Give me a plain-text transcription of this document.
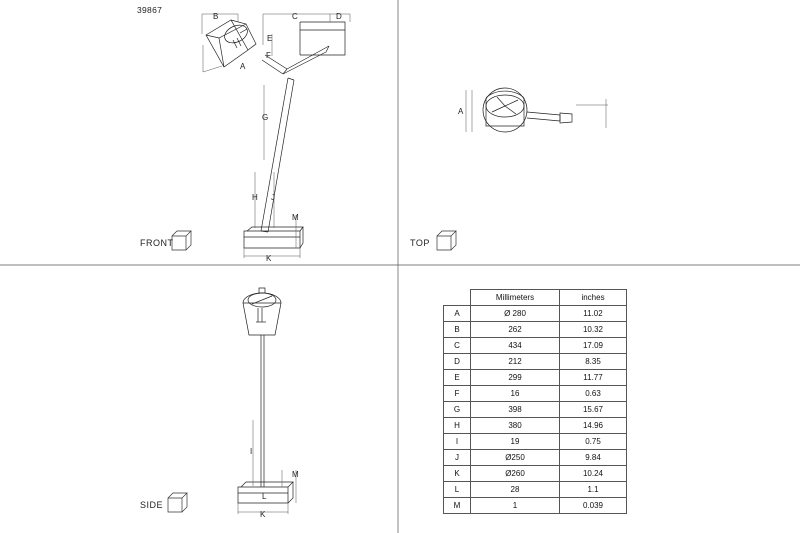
39867
FRONT	TOP
SIDE
B	C	D
A
E
F
G
H J
M
K
A
I
M
L
K
	Millimeters	inches
A	Ø 280	11.02
B	262	10.32
C	434	17.09
D	212	8.35
E	299	11.77
F	16	0.63
G	398	15.67
H	380	14.96
I	19	0.75
J	Ø250	9.84
K	Ø260	10.24
L	28	1.1
M	1	0.039
